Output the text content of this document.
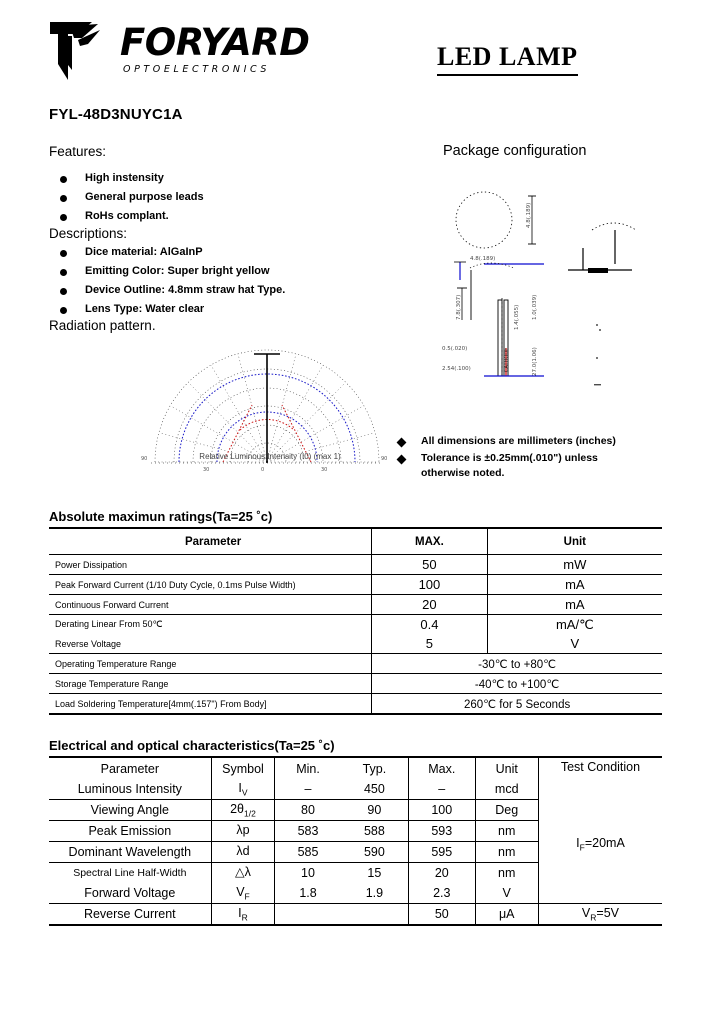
FORYARD
OPTOELECTRONICS	LED LAMP
FYL-48D3NUYC1A
Features:
High instensity
General purpose leads
RoHs complant.
Descriptions:
Dice material: AlGaInP
Emitting Color: Super bright yellow
Device Outline: 4.8mm straw hat Type.
Lens Type: Water clear
Radiation pattern.
90	90
0
30	30
Relative Luminous Intensity (I0) (max 1)
Package configuration
4.8(.189)
4.8(.189)
7.8(.307)
0.5(.020)
2.54(.100)
1.0(.039)
1.4(.055)
27.0(1.06)
CATHODE
All dimensions are millimeters (inches)
Tolerance is ±0.25mm(.010") unless
otherwise noted.
Absolute maximun ratings(Ta=25 ˚c)
Parameter	MAX.	Unit
Power Dissipation	50	mW
Peak Forward Current (1/10 Duty Cycle, 0.1ms Pulse Width)	100	mA
Continuous Forward Current	20	mA
Derating Linear From 50℃	0.4	mA/℃
Reverse Voltage	5	V
Operating Temperature Range	-30℃ to +80℃	
Storage Temperature Range	-40℃ to +100℃	
Load Soldering Temperature[4mm(.157") From Body]	260℃ for 5 Seconds	
Electrical and optical characteristics(Ta=25 ˚c)
Parameter	Symbol	Min.	Typ.	Max.	Unit	Test Condition
$I_F=20mA$

Luminous Intensity	$I_V$	–	450	–	mcd	
Viewing Angle	$2\theta_{1/2}$	80	90	100	Deg	
Peak Emission	λp	583	588	593	nm	
Dominant Wavelength	λd	585	590	595	nm	
Spectral Line Half-Width	△λ	10	15	20	nm	
Forward Voltage	$V_F$	1.8	1.9	2.3	V	
Reverse Current	$I_R$			50	μA	$V_R=5V$
